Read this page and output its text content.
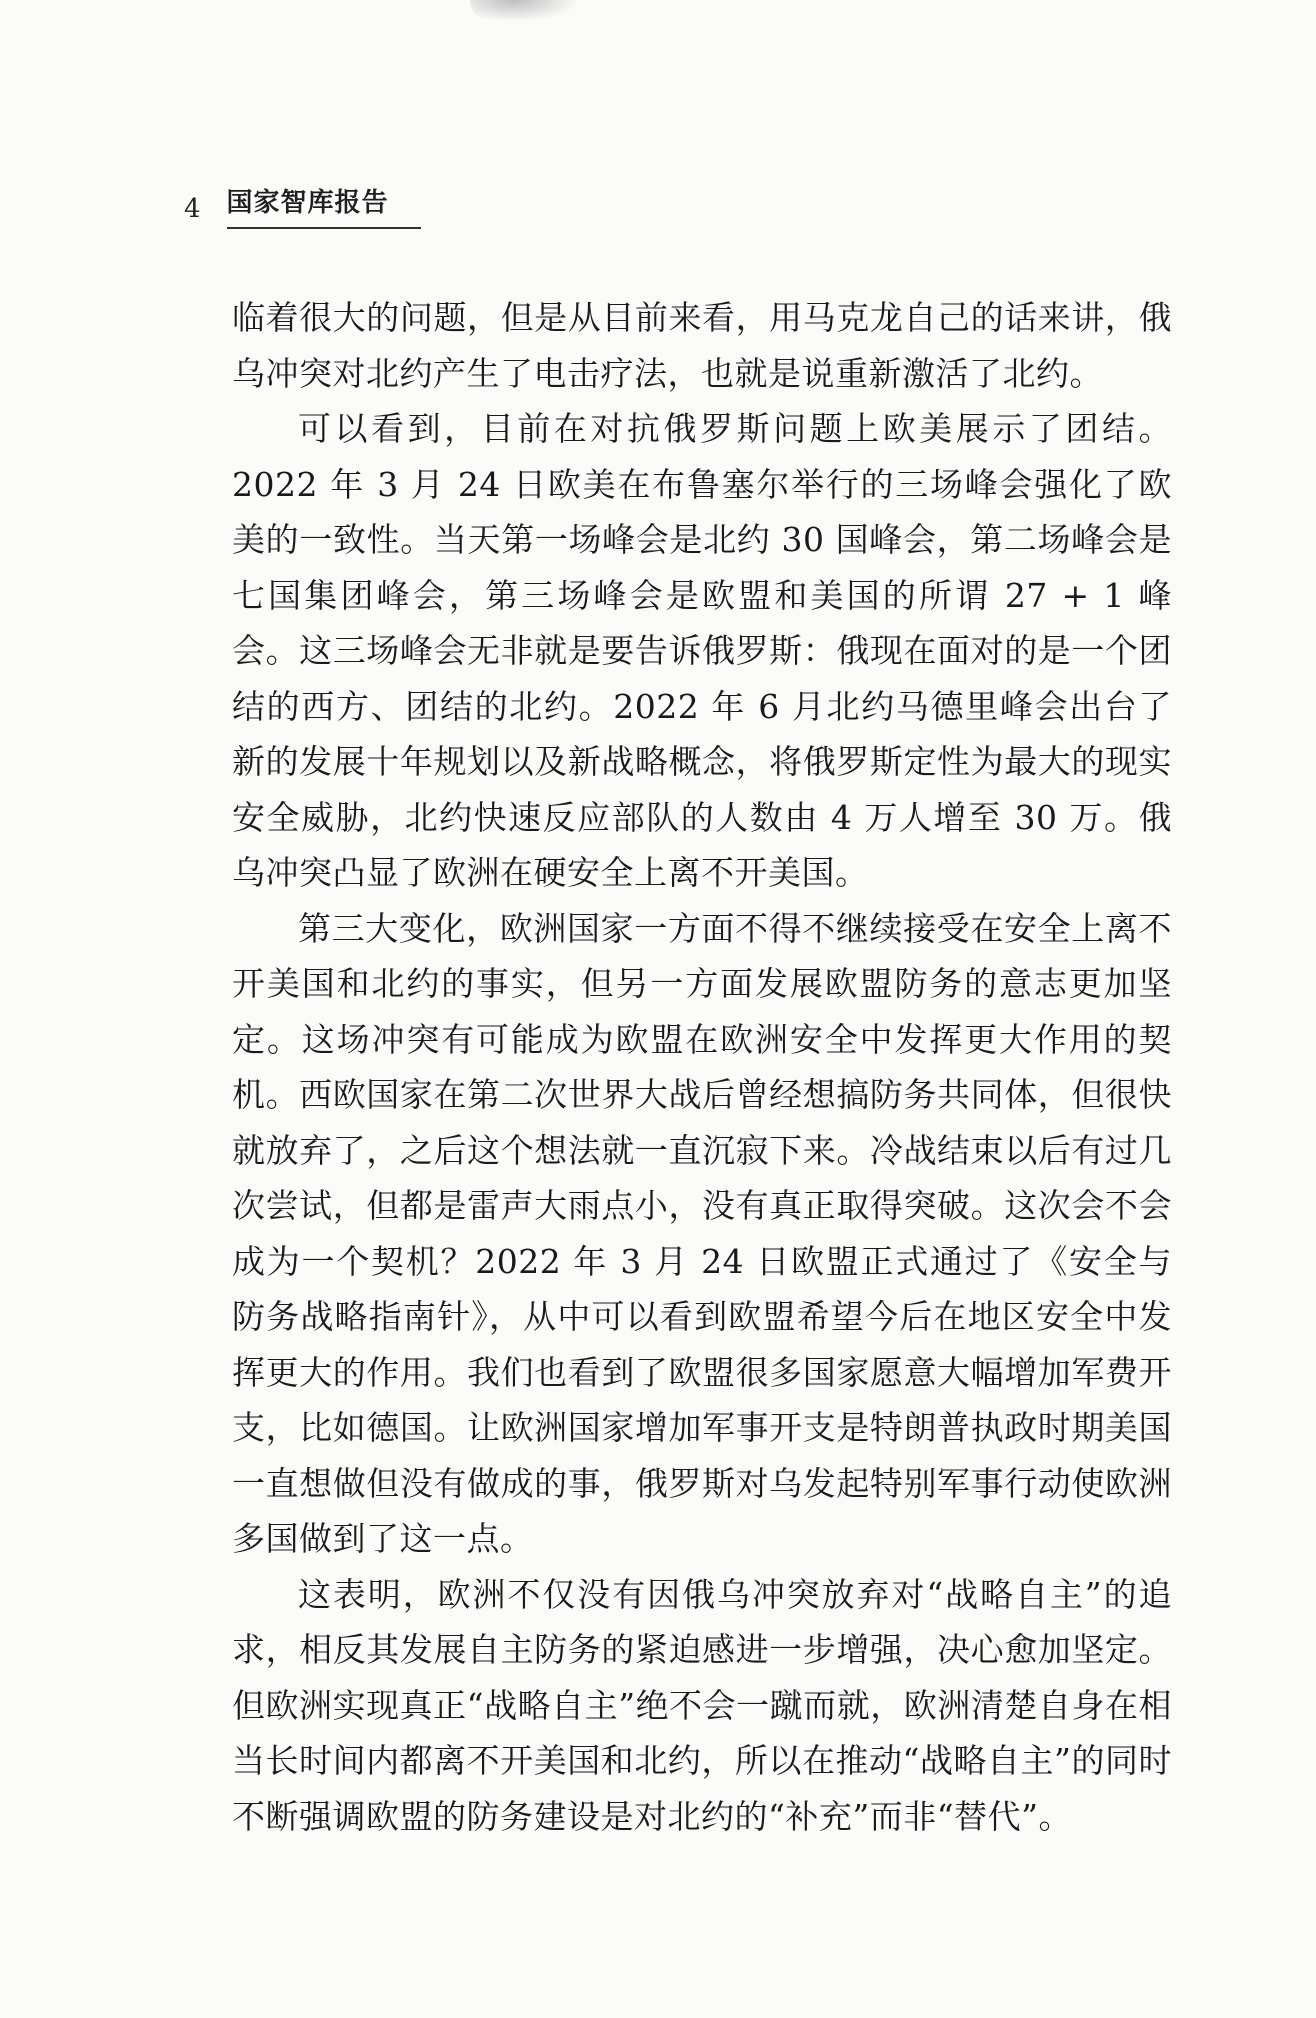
4 国家智库报告

临着很大的问题，但是从目前来看，用马克龙自己的话来讲，俄乌冲突对北约产生了电击疗法，也就是说重新激活了北约。

可以看到，目前在对抗俄罗斯问题上欧美展示了团结。2022 年 3 月 24 日欧美在布鲁塞尔举行的三场峰会强化了欧美的一致性。当天第一场峰会是北约 30 国峰会，第二场峰会是七国集团峰会，第三场峰会是欧盟和美国的所谓 27 + 1 峰会。这三场峰会无非就是要告诉俄罗斯：俄现在面对的是一个团结的西方、团结的北约。2022 年 6 月北约马德里峰会出台了新的发展十年规划以及新战略概念，将俄罗斯定性为最大的现实安全威胁，北约快速反应部队的人数由 4 万人增至 30 万。俄乌冲突凸显了欧洲在硬安全上离不开美国。

第三大变化，欧洲国家一方面不得不继续接受在安全上离不开美国和北约的事实，但另一方面发展欧盟防务的意志更加坚定。这场冲突有可能成为欧盟在欧洲安全中发挥更大作用的契机。西欧国家在第二次世界大战后曾经想搞防务共同体，但很快就放弃了，之后这个想法就一直沉寂下来。冷战结束以后有过几次尝试，但都是雷声大雨点小，没有真正取得突破。这次会不会成为一个契机？2022 年 3 月 24 日欧盟正式通过了《安全与防务战略指南针》，从中可以看到欧盟希望今后在地区安全中发挥更大的作用。我们也看到了欧盟很多国家愿意大幅增加军费开支，比如德国。让欧洲国家增加军事开支是特朗普执政时期美国一直想做但没有做成的事，俄罗斯对乌发起特别军事行动使欧洲多国做到了这一点。

这表明，欧洲不仅没有因俄乌冲突放弃对“战略自主”的追求，相反其发展自主防务的紧迫感进一步增强，决心愈加坚定。但欧洲实现真正“战略自主”绝不会一蹴而就，欧洲清楚自身在相当长时间内都离不开美国和北约，所以在推动“战略自主”的同时不断强调欧盟的防务建设是对北约的“补充”而非“替代”。
